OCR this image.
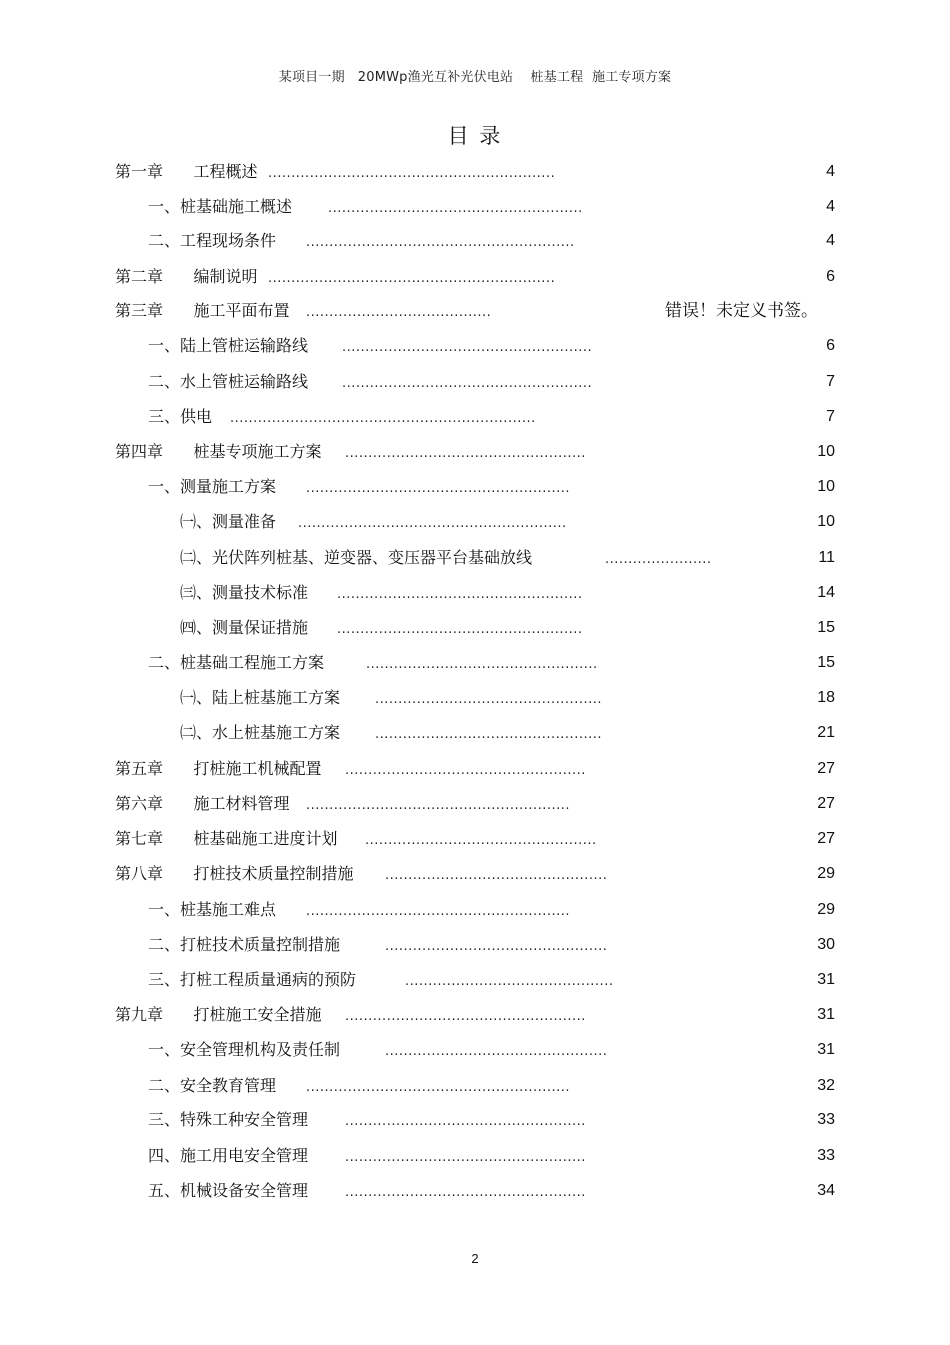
某项目一期   20MWp渔光互补光伏电站    桩基工程  施工专项方案
目 录
第一章      工程概述 ..............................................................	4
一、桩基础施工概述	.......................................................	4
二、工程现场条件 ..........................................................	4
第二章      编制说明 ..............................................................	6
第三章      施工平面布置 ........................................	错误！未定义书签。
一、陆上管桩运输路线	......................................................	6
二、水上管桩运输路线	......................................................	7
三、供电 ..................................................................	7
第四章      桩基专项施工方案 ....................................................	10
一、测量施工方案 .........................................................	10
㈠、测量准备 ..........................................................	10
㈡、光伏阵列桩基、逆变器、变压器平台基础放线	.......................	11
㈢、测量技术标准 .....................................................	14
㈣、测量保证措施 .....................................................	15
二、桩基础工程施工方案	..................................................	15
㈠、陆上桩基施工方案	.................................................	18
㈡、水上桩基施工方案	.................................................	21
第五章      打桩施工机械配置 ....................................................	27
第六章      施工材料管理 .........................................................	27
第七章      桩基础施工进度计划 ..................................................	27
第八章      打桩技术质量控制措施 ................................................	29
一、桩基施工难点 .........................................................	29
二、打桩技术质量控制措施	................................................	30
三、打桩工程质量通病的预防	.............................................	31
第九章      打桩施工安全措施 ....................................................	31
一、安全管理机构及责任制	................................................	31
二、安全教育管理 .........................................................	32
三、特殊工种安全管理	....................................................	33
四、施工用电安全管理	....................................................	33
五、机械设备安全管理	....................................................	34
2
